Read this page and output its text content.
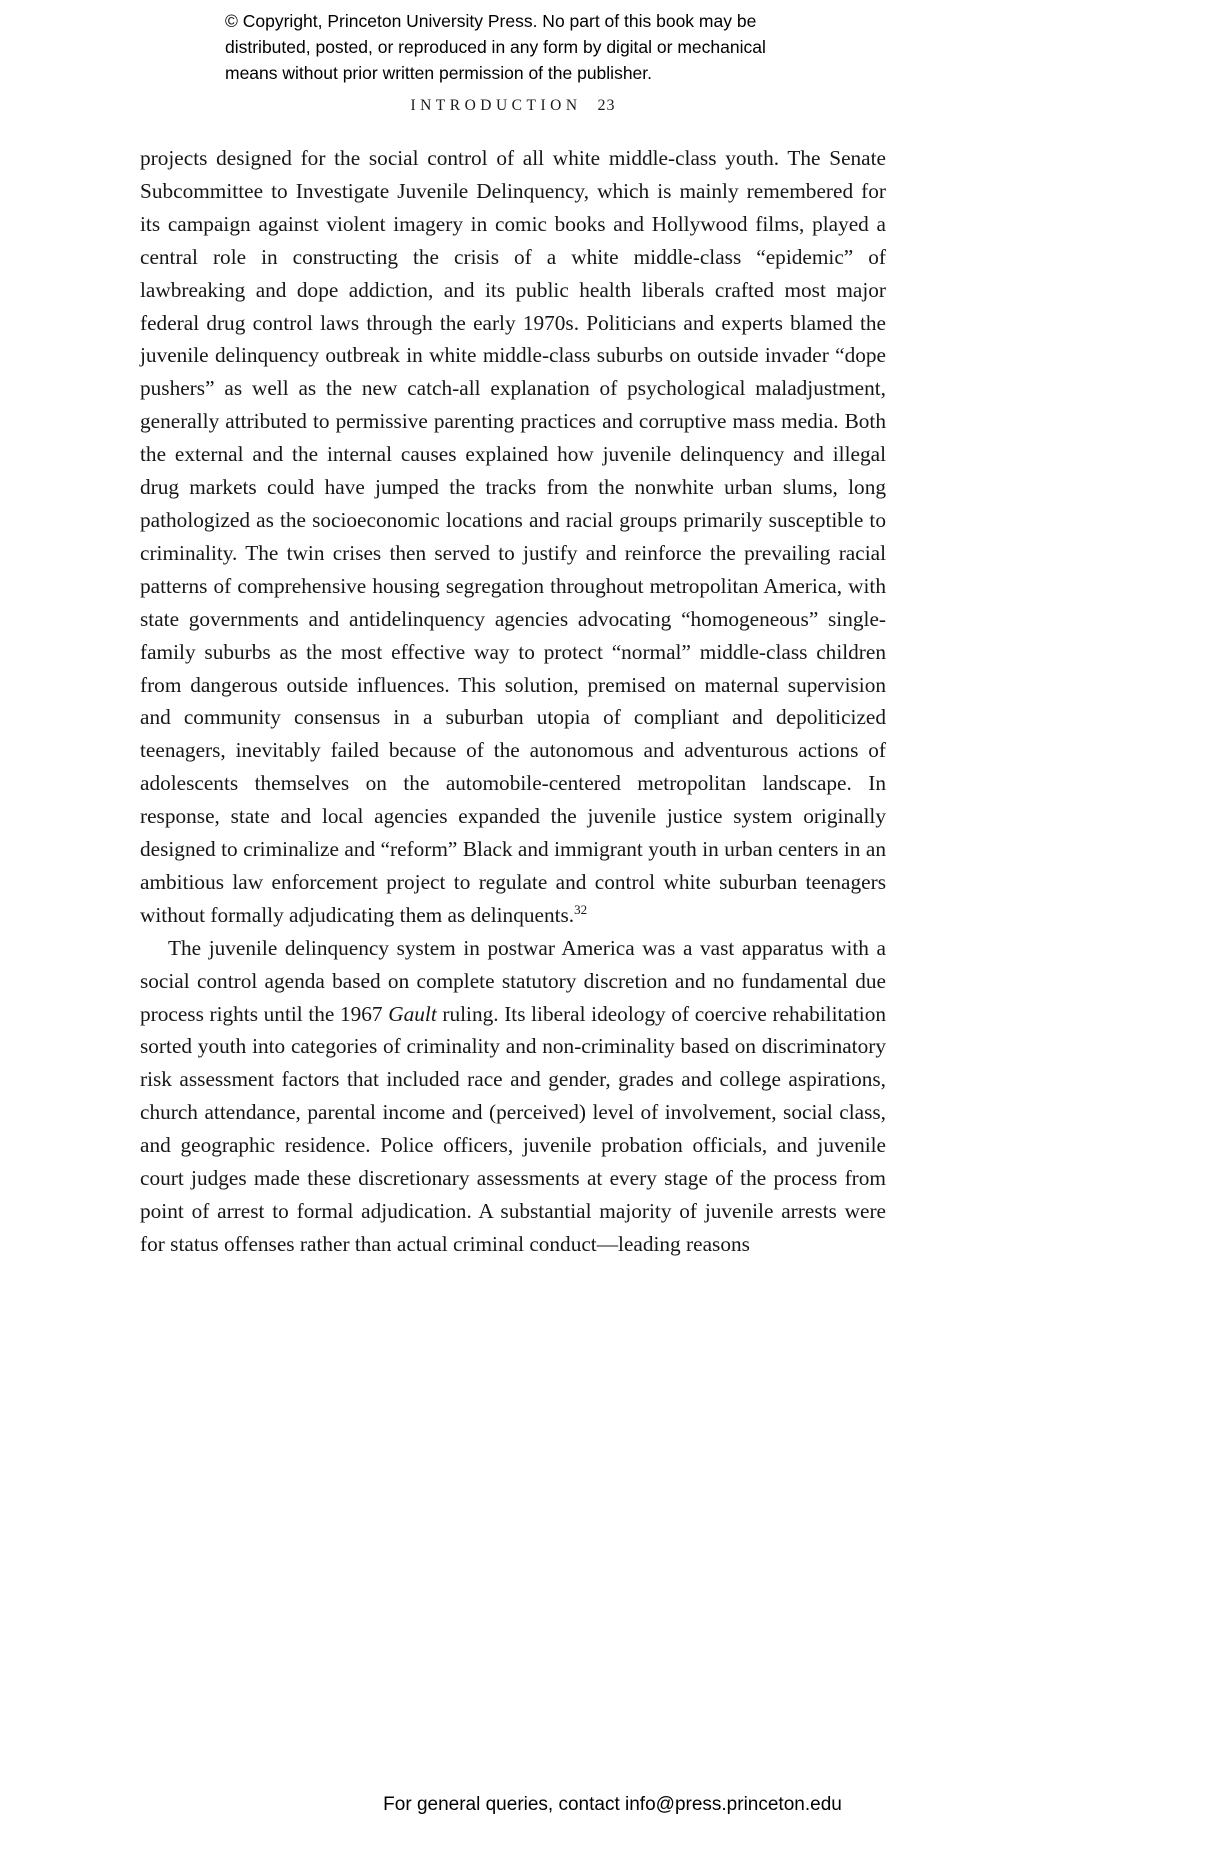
© Copyright, Princeton University Press. No part of this book may be
distributed, posted, or reproduced in any form by digital or mechanical
means without prior written permission of the publisher.
INTRODUCTION 23

projects designed for the social control of all white middle-class youth. The Senate Subcommittee to Investigate Juvenile Delinquency, which is mainly remembered for its campaign against violent imagery in comic books and Hollywood films, played a central role in constructing the crisis of a white middle-class “epidemic” of lawbreaking and dope addiction, and its public health liberals crafted most major federal drug control laws through the early 1970s. Politicians and experts blamed the juvenile delinquency outbreak in white middle-class suburbs on outside invader “dope pushers” as well as the new catch-all explanation of psychological maladjustment, generally attributed to permissive parenting practices and corruptive mass media. Both the external and the internal causes explained how juvenile delinquency and illegal drug markets could have jumped the tracks from the nonwhite urban slums, long pathologized as the socioeconomic locations and racial groups primarily susceptible to criminality. The twin crises then served to justify and reinforce the prevailing racial patterns of comprehensive housing segregation throughout metropolitan America, with state governments and antidelinquency agencies advocating “homogeneous” single-family suburbs as the most effective way to protect “normal” middle-class children from dangerous outside influences. This solution, premised on maternal supervision and community consensus in a suburban utopia of compliant and depoliticized teenagers, inevitably failed because of the autonomous and adventurous actions of adolescents themselves on the automobile-centered metropolitan landscape. In response, state and local agencies expanded the juvenile justice system originally designed to criminalize and “reform” Black and immigrant youth in urban centers in an ambitious law enforcement project to regulate and control white suburban teenagers without formally adjudicating them as delinquents.$^{32}$

The juvenile delinquency system in postwar America was a vast apparatus with a social control agenda based on complete statutory discretion and no fundamental due process rights until the 1967 Gault ruling. Its liberal ideology of coercive rehabilitation sorted youth into categories of criminality and non-criminality based on discriminatory risk assessment factors that included race and gender, grades and college aspirations, church attendance, parental income and (perceived) level of involvement, social class, and geographic residence. Police officers, juvenile probation officials, and juvenile court judges made these discretionary assessments at every stage of the process from point of arrest to formal adjudication. A substantial majority of juvenile arrests were for status offenses rather than actual criminal conduct—leading reasons

For general queries, contact info@press.princeton.edu
